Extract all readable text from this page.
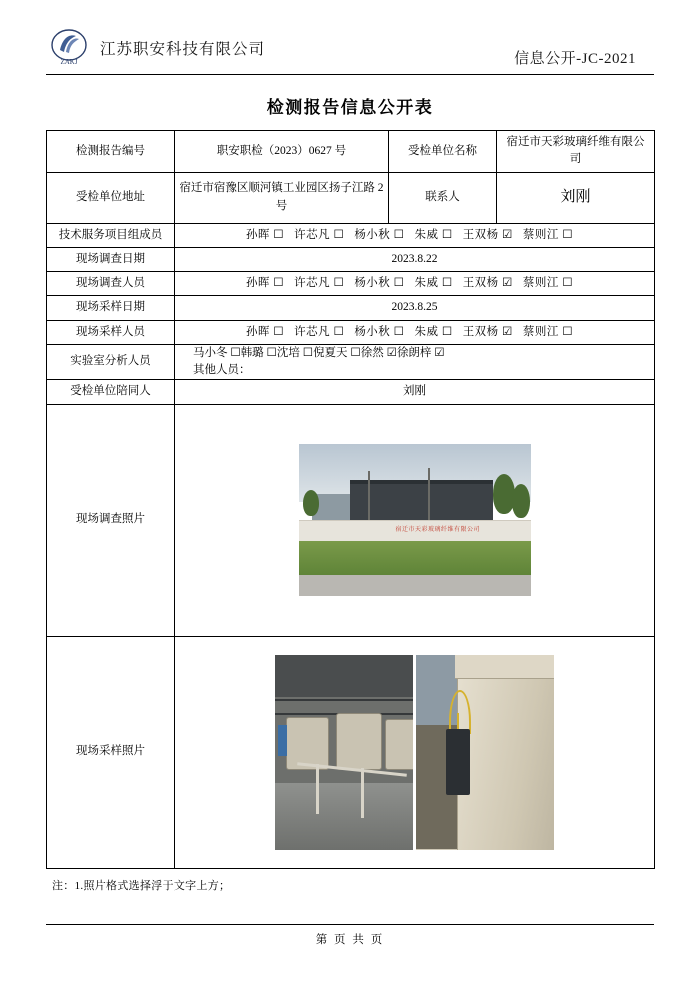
ZAKJ
江苏职安科技有限公司
信息公开-JC-2021
检测报告信息公开表
检测报告编号	职安职检（2023）0627 号	受检单位名称	宿迁市天彩玻璃纤维有限公司
受检单位地址	宿迁市宿豫区顺河镇工业园区扬子江路 2 号	联系人	刘刚
技术服务项目组成员	孙晖 ☐ 许芯凡 ☐ 杨小秋 ☐ 朱威 ☐ 王双杨 ☑ 蔡则江 ☐		
现场调查日期	2023.8.22		
现场调查人员	孙晖 ☐ 许芯凡 ☐ 杨小秋 ☐ 朱威 ☐ 王双杨 ☑ 蔡则江 ☐		
现场采样日期	2023.8.25		
现场采样人员	孙晖 ☐ 许芯凡 ☐ 杨小秋 ☐ 朱威 ☐ 王双杨 ☑ 蔡则江 ☐		
实验室分析人员	马小冬 ☐韩璐 ☐沈培 ☐倪夏天 ☐徐然 ☑徐朗梓 ☑
其他人员：		

受检单位陪同人	刘刚		
现场调查照片	宿迁市天彩玻璃纤维有限公司		

现场采样照片			
注：1.照片格式选择浮于文字上方；
第 页 共 页
